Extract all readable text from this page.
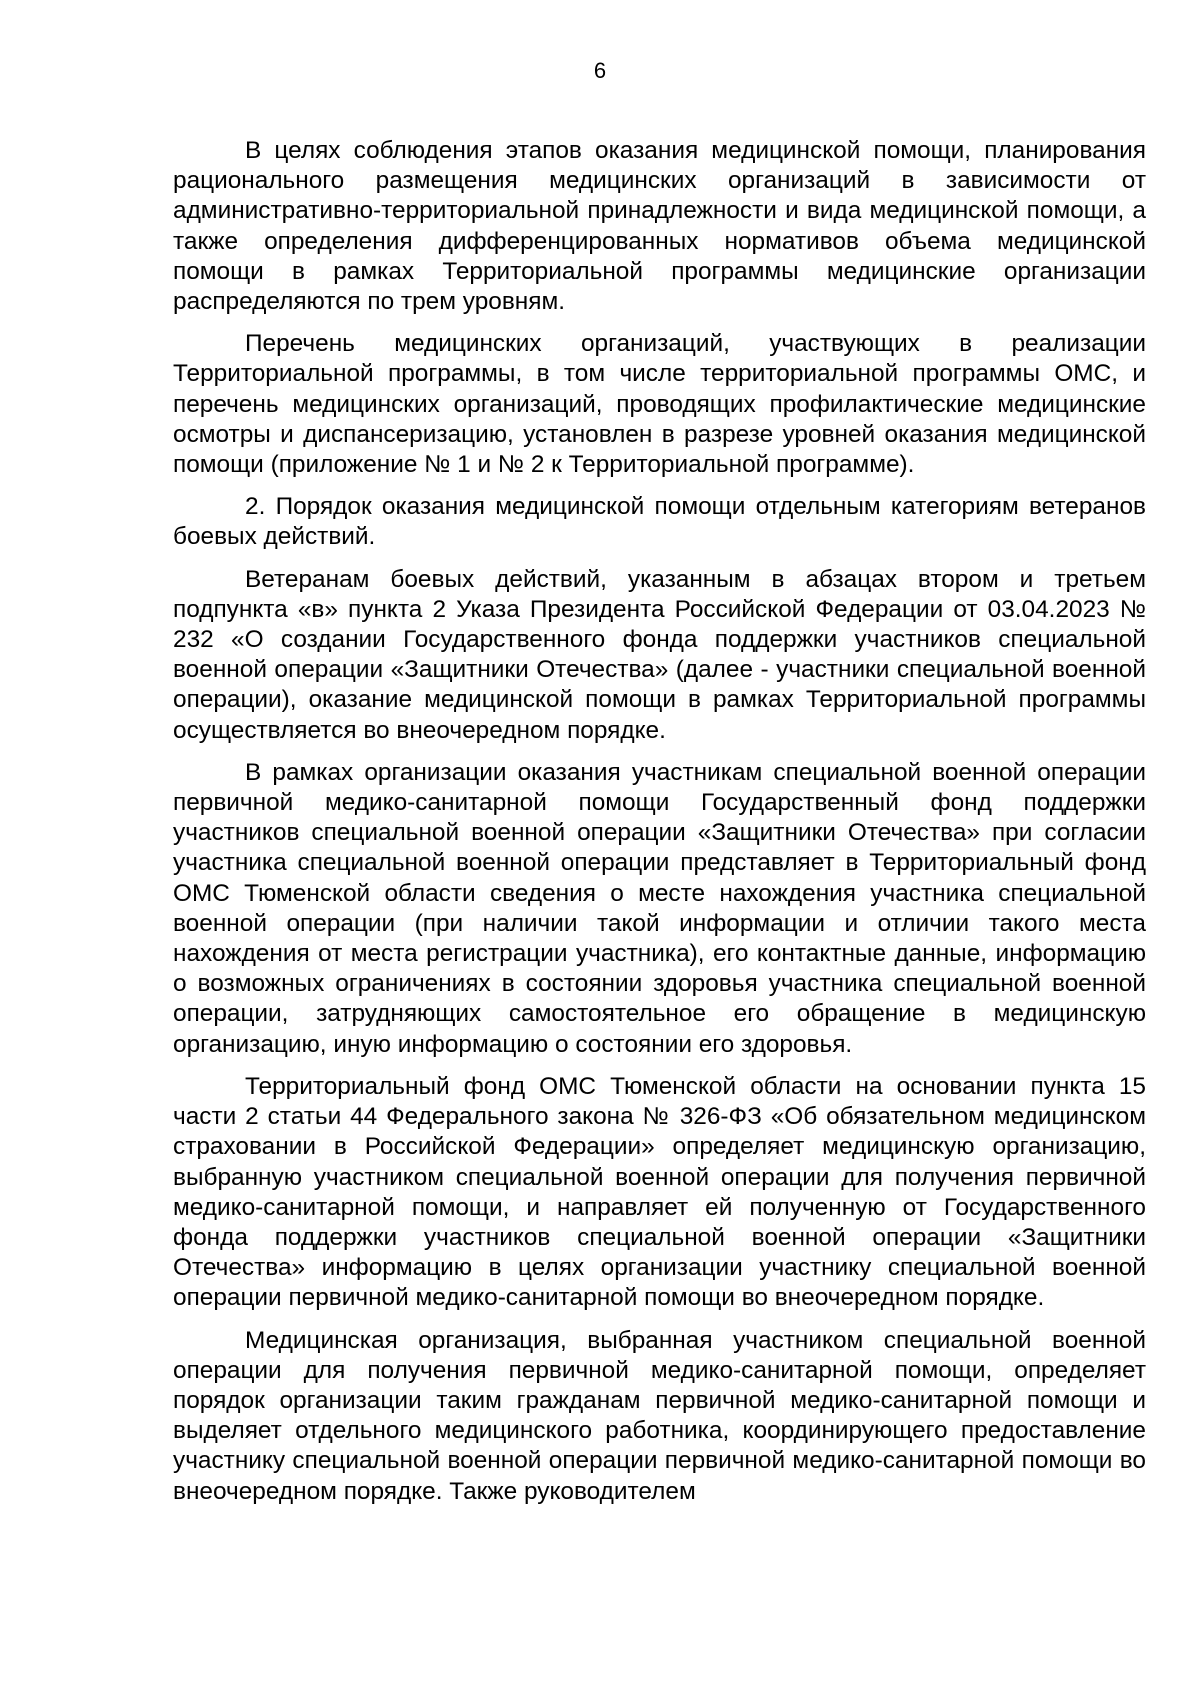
6

В целях соблюдения этапов оказания медицинской помощи, планирования рационального размещения медицинских организаций в зависимости от административно-территориальной принадлежности и вида медицинской помощи, а также определения дифференцированных нормативов объема медицинской помощи в рамках Территориальной программы медицинские организации распределяются по трем уровням.

Перечень медицинских организаций, участвующих в реализации Территориальной программы, в том числе территориальной программы ОМС, и перечень медицинских организаций, проводящих профилактические медицинские осмотры и диспансеризацию, установлен в разрезе уровней оказания медицинской помощи (приложение № 1 и № 2 к Территориальной программе).

2. Порядок оказания медицинской помощи отдельным категориям ветеранов боевых действий.

Ветеранам боевых действий, указанным в абзацах втором и третьем подпункта «в» пункта 2 Указа Президента Российской Федерации от 03.04.2023 № 232 «О создании Государственного фонда поддержки участников специальной военной операции «Защитники Отечества» (далее - участники специальной военной операции), оказание медицинской помощи в рамках Территориальной программы осуществляется во внеочередном порядке.

В рамках организации оказания участникам специальной военной операции первичной медико-санитарной помощи Государственный фонд поддержки участников специальной военной операции «Защитники Отечества» при согласии участника специальной военной операции представляет в Территориальный фонд ОМС Тюменской области сведения о месте нахождения участника специальной военной операции (при наличии такой информации и отличии такого места нахождения от места регистрации участника), его контактные данные, информацию о возможных ограничениях в состоянии здоровья участника специальной военной операции, затрудняющих самостоятельное его обращение в медицинскую организацию, иную информацию о состоянии его здоровья.

Территориальный фонд ОМС Тюменской области на основании пункта 15 части 2 статьи 44 Федерального закона № 326-ФЗ «Об обязательном медицинском страховании в Российской Федерации» определяет медицинскую организацию, выбранную участником специальной военной операции для получения первичной медико-санитарной помощи, и направляет ей полученную от Государственного фонда поддержки участников специальной военной операции «Защитники Отечества» информацию в целях организации участнику специальной военной операции первичной медико-санитарной помощи во внеочередном порядке.

Медицинская организация, выбранная участником специальной военной операции для получения первичной медико-санитарной помощи, определяет порядок организации таким гражданам первичной медико-санитарной помощи и выделяет отдельного медицинского работника, координирующего предоставление участнику специальной военной операции первичной медико-санитарной помощи во внеочередном порядке. Также руководителем
